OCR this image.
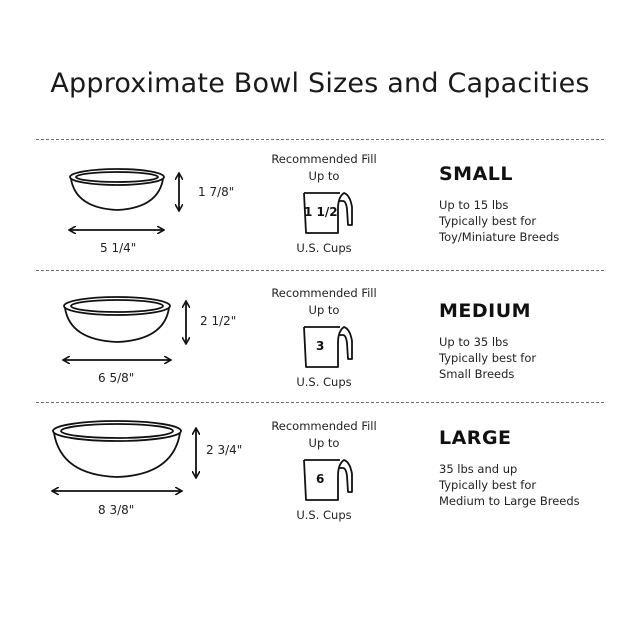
Approximate Bowl Sizes and Capacities
1 7/8"
5 1/4"
Recommended Fill
Up to
1 1/2
U.S. Cups
SMALL
Up to 15 lbs
Typically best for
Toy/Miniature Breeds
2 1/2"
6 5/8"
Recommended Fill
Up to
3
U.S. Cups
MEDIUM
Up to 35 lbs
Typically best for
Small Breeds
2 3/4"
8 3/8"
Recommended Fill
Up to
6
U.S. Cups
LARGE
35 lbs and up
Typically best for
Medium to Large Breeds
